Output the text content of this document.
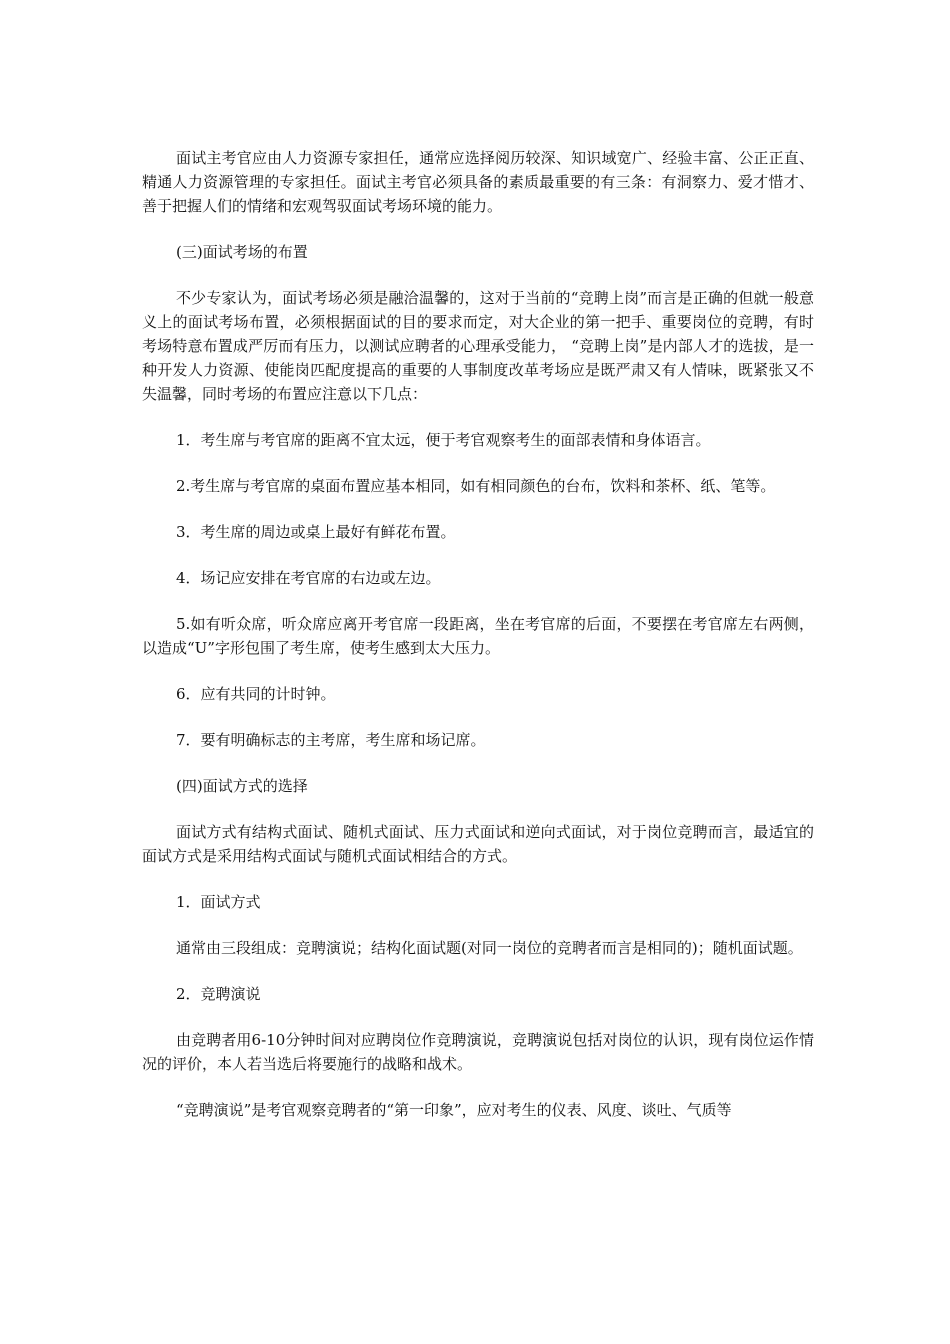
面试主考官应由人力资源专家担任，通常应选择阅历较深、知识域宽广、经验丰富、公正正直、精通人力资源管理的专家担任。面试主考官必须具备的素质最重要的有三条：有洞察力、爱才惜才、善于把握人们的情绪和宏观驾驭面试考场环境的能力。

(三)面试考场的布置

不少专家认为，面试考场必须是融洽温馨的，这对于当前的“竞聘上岗”而言是正确的但就一般意义上的面试考场布置，必须根据面试的目的要求而定，对大企业的第一把手、重要岗位的竞聘，有时考场特意布置成严厉而有压力，以测试应聘者的心理承受能力， “竞聘上岗”是内部人才的选拔，是一种开发人力资源、使能岗匹配度提高的重要的人事制度改革考场应是既严肃又有人情味，既紧张又不失温馨，同时考场的布置应注意以下几点：

1．考生席与考官席的距离不宜太远，便于考官观察考生的面部表情和身体语言。

2.考生席与考官席的桌面布置应基本相同，如有相同颜色的台布，饮料和茶杯、纸、笔等。

3．考生席的周边或桌上最好有鲜花布置。

4．场记应安排在考官席的右边或左边。

5.如有听众席，听众席应离开考官席一段距离，坐在考官席的后面，不要摆在考官席左右两侧，以造成“U”字形包围了考生席，使考生感到太大压力。

6．应有共同的计时钟。

7．要有明确标志的主考席，考生席和场记席。

(四)面试方式的选择

面试方式有结构式面试、随机式面试、压力式面试和逆向式面试，对于岗位竞聘而言，最适宜的面试方式是采用结构式面试与随机式面试相结合的方式。

1．面试方式

通常由三段组成：竞聘演说；结构化面试题(对同一岗位的竞聘者而言是相同的)；随机面试题。

2．竞聘演说

由竞聘者用6-10分钟时间对应聘岗位作竞聘演说，竞聘演说包括对岗位的认识，现有岗位运作情况的评价，本人若当选后将要施行的战略和战术。

“竞聘演说”是考官观察竞聘者的“第一印象”，应对考生的仪表、风度、谈吐、气质等
